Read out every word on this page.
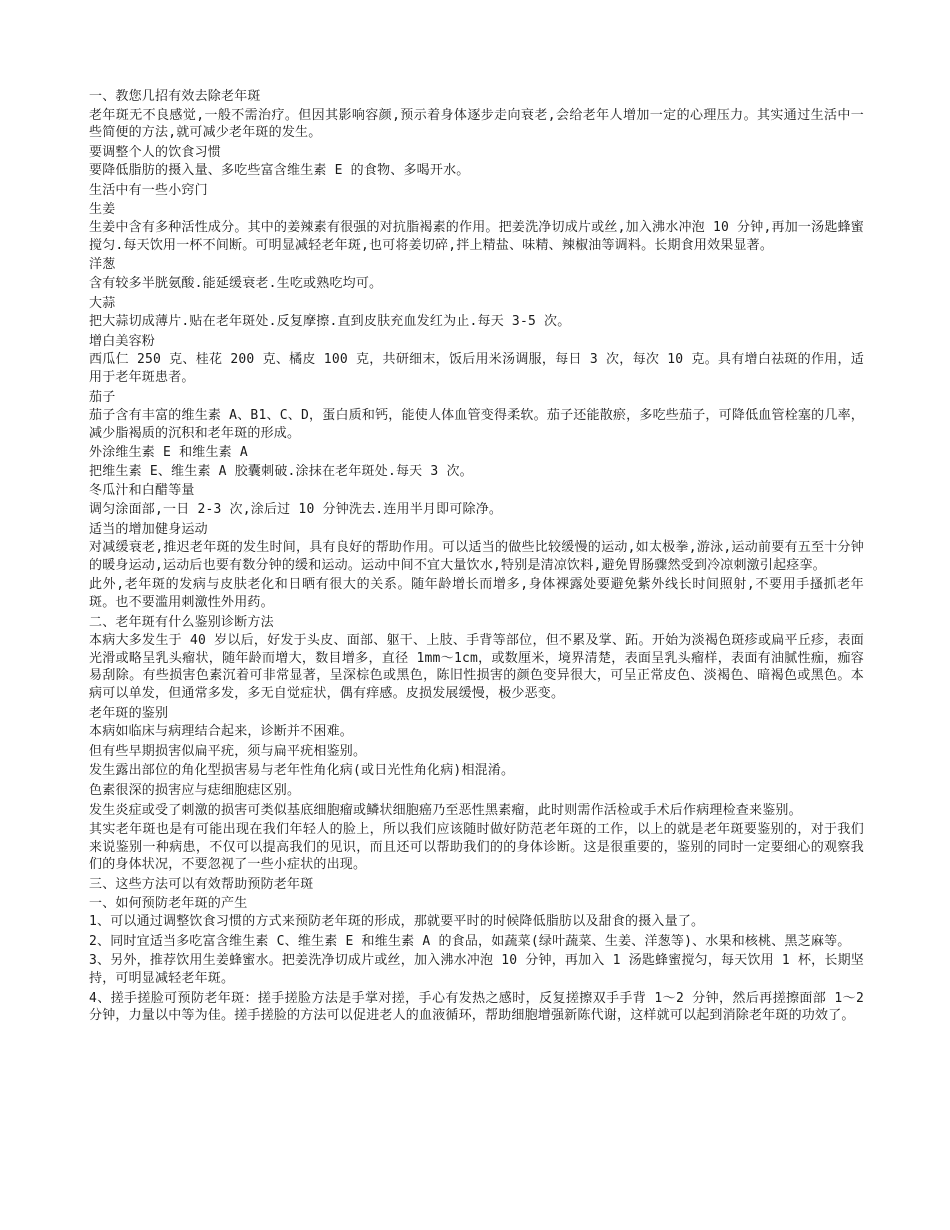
一、教您几招有效去除老年斑

老年斑无不良感觉,一般不需治疗。但因其影响容颜,预示着身体逐步走向衰老,会给老年人增加一定的心理压力。其实通过生活中一些简便的方法,就可减少老年斑的发生。

要调整个人的饮食习惯

要降低脂肪的摄入量、多吃些富含维生素 E 的食物、多喝开水。

生活中有一些小窍门

生姜

生姜中含有多种活性成分。其中的姜辣素有很强的对抗脂褐素的作用。把姜洗净切成片或丝,加入沸水冲泡 10 分钟,再加一汤匙蜂蜜搅匀.每天饮用一杯不间断。可明显减轻老年斑,也可将姜切碎,拌上精盐、味精、辣椒油等调料。长期食用效果显著。

洋葱

含有较多半胱氨酸.能延缓衰老.生吃或熟吃均可。

大蒜

把大蒜切成薄片.贴在老年斑处.反复摩擦.直到皮肤充血发红为止.每天 3-5 次。

增白美容粉

西瓜仁 250 克、桂花 200 克、橘皮 100 克，共研细末，饭后用米汤调服，每日 3 次，每次 10 克。具有增白祛斑的作用，适用于老年斑患者。

茄子

茄子含有丰富的维生素 A、B1、C、D，蛋白质和钙，能使人体血管变得柔软。茄子还能散瘀，多吃些茄子，可降低血管栓塞的几率，减少脂褐质的沉积和老年斑的形成。

外涂维生素 E 和维生素 A

把维生素 E、维生素 A 胶囊刺破.涂抹在老年斑处.每天 3 次。

冬瓜汁和白醋等量

调匀涂面部,一日 2-3 次,涂后过 10 分钟洗去.连用半月即可除净。

适当的增加健身运动

对减缓衰老,推迟老年斑的发生时间，具有良好的帮助作用。可以适当的做些比较缓慢的运动,如太极拳,游泳,运动前要有五至十分钟的暖身运动,运动后也要有数分钟的缓和运动。运动中间不宜大量饮水,特别是清凉饮料,避免胃肠骤然受到冷凉刺激引起痉挛。

此外,老年斑的发病与皮肤老化和日晒有很大的关系。随年龄增长而增多,身体裸露处要避免紫外线长时间照射,不要用手搔抓老年斑。也不要滥用刺激性外用药。

二、老年斑有什么鉴别诊断方法

本病大多发生于 40 岁以后，好发于头皮、面部、躯干、上肢、手背等部位，但不累及掌、跖。开始为淡褐色斑疹或扁平丘疹，表面光滑或略呈乳头瘤状，随年龄而增大，数目增多，直径 1mm～1cm，或数厘米，境界清楚，表面呈乳头瘤样，表面有油腻性痂，痂容易刮除。有些损害色素沉着可非常显著，呈深棕色或黑色，陈旧性损害的颜色变异很大，可呈正常皮色、淡褐色、暗褐色或黑色。本病可以单发，但通常多发，多无自觉症状，偶有痒感。皮损发展缓慢，极少恶变。

老年斑的鉴别

本病如临床与病理结合起来，诊断并不困难。

但有些早期损害似扁平疣，须与扁平疣相鉴别。

发生露出部位的角化型损害易与老年性角化病(或日光性角化病)相混淆。

色素很深的损害应与痣细胞痣区别。

发生炎症或受了刺激的损害可类似基底细胞瘤或鳞状细胞癌乃至恶性黑素瘤，此时则需作活检或手术后作病理检查来鉴别。

其实老年斑也是有可能出现在我们年轻人的脸上，所以我们应该随时做好防范老年斑的工作，以上的就是老年斑要鉴别的，对于我们来说鉴别一种病患，不仅可以提高我们的见识，而且还可以帮助我们的的身体诊断。这是很重要的，鉴别的同时一定要细心的观察我们的身体状况，不要忽视了一些小症状的出现。

三、这些方法可以有效帮助预防老年斑

一、如何预防老年斑的产生

1、可以通过调整饮食习惯的方式来预防老年斑的形成，那就要平时的时候降低脂肪以及甜食的摄入量了。

2、同时宜适当多吃富含维生素 C、维生素 E 和维生素 A 的食品，如蔬菜(绿叶蔬菜、生姜、洋葱等)、水果和核桃、黑芝麻等。

3、另外，推荐饮用生姜蜂蜜水。把姜洗净切成片或丝，加入沸水冲泡 10 分钟，再加入 1 汤匙蜂蜜搅匀，每天饮用 1 杯，长期坚持，可明显减轻老年斑。

4、搓手搓脸可预防老年斑：搓手搓脸方法是手掌对搓，手心有发热之感时，反复搓擦双手手背 1～2 分钟，然后再搓擦面部 1～2 分钟，力量以中等为佳。搓手搓脸的方法可以促进老人的血液循环，帮助细胞增强新陈代谢，这样就可以起到消除老年斑的功效了。
